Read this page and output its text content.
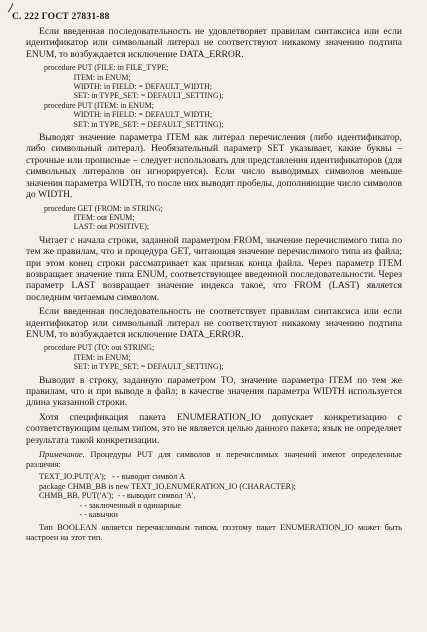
С. 222 ГОСТ 27831-88

Если введенная последовательность не удовлетворяет правилам синтаксиса или если идентификатор или символьный литерал не соответствуют никакому значению подтипа ENUM, то возбуждается исключение DATA_ERROR.

procedure PUT (FILE: in FILE_TYPE;
ITEM: in ENUM;
WIDTH: in FIELD: = DEFAULT_WIDTH;
SET: in TYPE_SET: = DEFAULT_SETTING);
procedure PUT (ITEM: in ENUM;
WIDTH: in FIELD: = DEFAULT_WIDTH;
SET: in TYPE_SET: = DEFAULT_SETTING);

Выводят значение параметра ITEM как литерал перечисления (либо идентификатор, либо символьный литерал). Необязательный параметр SET указывает, какие буквы – строчные или прописные – следует использовать для представления идентификаторов (для символьных литералов он игнорируется). Если число выводимых символов меньше значения параметра WIDTH, то после них выводят пробелы, дополняющие число символов до WIDTH.

procedure GET (FROM: in STRING;
ITEM: out ENUM;
LAST: out POSITIVE);

Читает с начала строки, заданной параметром FROM, значение перечислимого типа по тем же правилам, что и процедура GET, читающая значение перечислимого типа из файла; при этом конец строки рассматривает как признак конца файла. Через параметр ITEM возвращает значение типа ENUM, соответствующее введенной последовательности. Через параметр LAST возвращает значение индекса такое, что FROM (LAST) является последним читаемым символом.

Если введенная последовательность не соответствует правилам синтаксиса или если идентификатор или символьный литерал не соответствуют никакому значению подтипа ENUM, то возбуждается исключение DATA_ERROR.

procedure PUT (TO: out STRING;
ITEM: in ENUM;
SET: in TYPE_SET: = DEFAULT_SETTING);

Выводит в строку, заданную параметром TO, значение параметра ITEM по тем же правилам, что и при выводе в файл; в качестве значения параметра WIDTH используется длина указанной строки.

Хотя спецификация пакета ENUMERATION_IO допускает конкретизацию с соответствующим целым типом, это не является целью данного пакета; язык не определяет результата такой конкретизации.

Примечание. Процедуры PUT для символов и перечислимых значений имеют определенные различия:

TEXT_IO.PUT('A');   - - выводит символ А
package CHMB_BB is new TEXT_IO.ENUMERATION_IO (CHARACTER);
CHMB_BB. PUT('A');  - - выводит символ 'A',
- - заключенный в одинарные
- - кавычки

Тип BOOLEAN является перечислимым типом, поэтому пакет ENUMERATION_IO может быть настроен на этот тип.
